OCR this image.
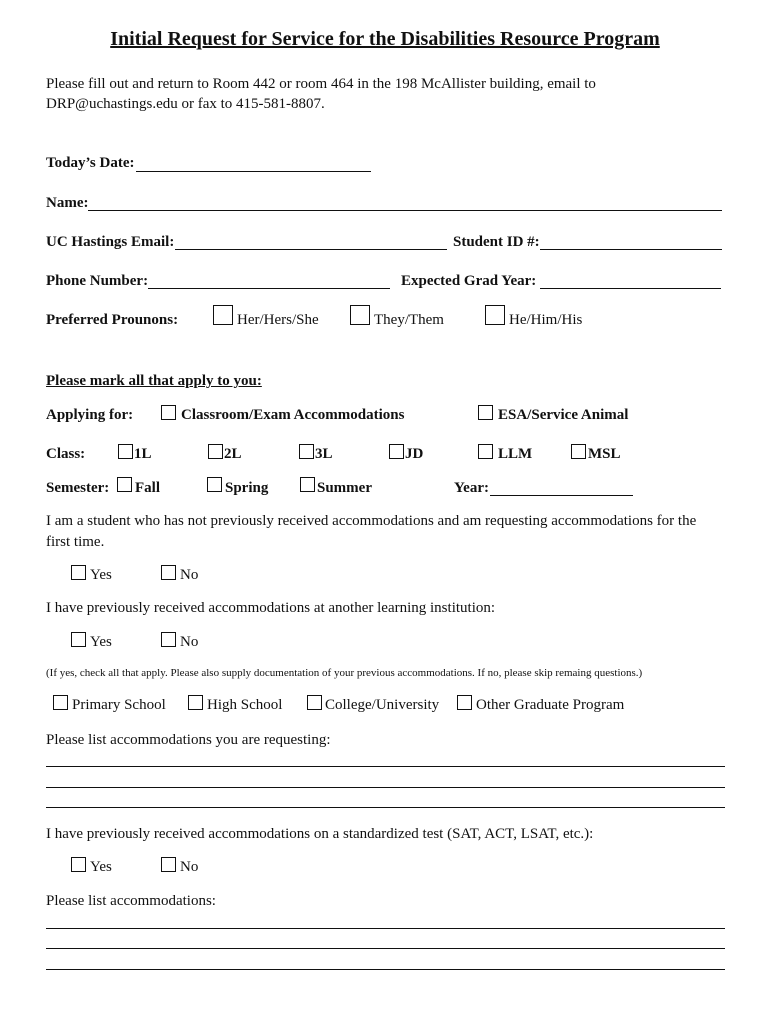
Initial Request for Service for the Disabilities Resource Program
Please fill out and return to Room 442 or room 464 in the 198 McAllister building, email to
DRP@uchastings.edu or fax to 415-581-8807.
Today’s Date:
Name:
UC Hastings Email:	Student ID #:
Phone Number:	Expected Grad Year:
Preferred Prounons:	Her/Hers/She	They/Them	He/Him/His
Please mark all that apply to you:
Applying for:	Classroom/Exam Accommodations	ESA/Service Animal
Class:	1L	2L	3L	JD	LLM	MSL
Semester: Fall	Spring	Summer	Year:
I am a student who has not previously received accommodations and am requesting accommodations for the
first time.
Yes	No
I have previously received accommodations at another learning institution:
Yes	No
(If yes, check all that apply. Please also supply documentation of your previous accommodations. If no, please skip remaing questions.)
Primary School	High School	College/University Other Graduate Program
Please list accommodations you are requesting:
I have previously received accommodations on a standardized test (SAT, ACT, LSAT, etc.):
Yes	No
Please list accommodations:
